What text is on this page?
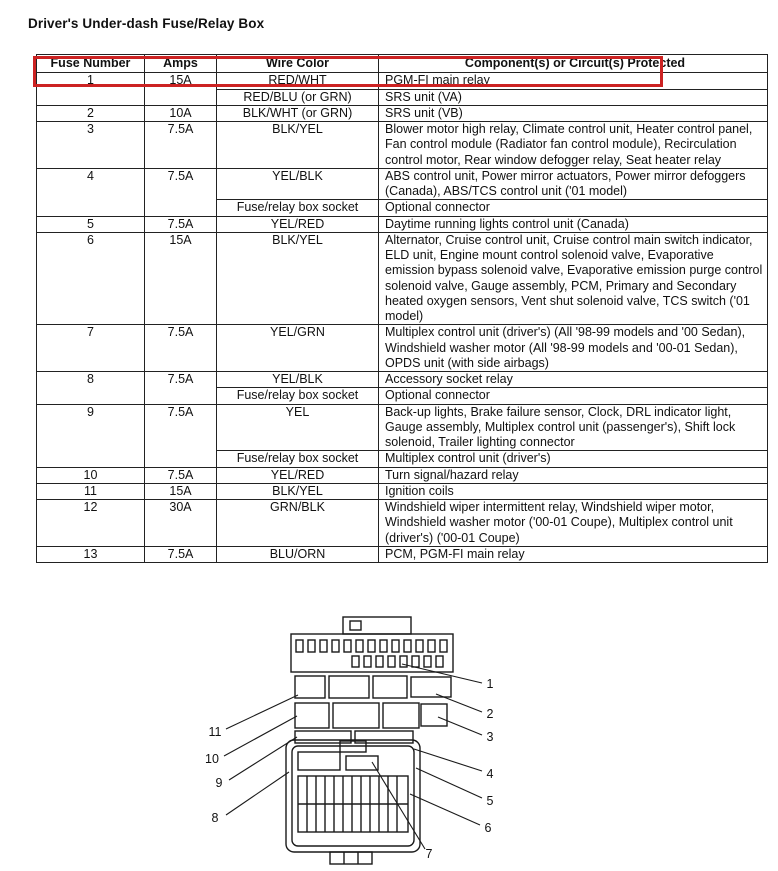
Driver's Under-dash Fuse/Relay Box
Fuse Number	Amps	Wire Color	Component(s) or Circuit(s) Protected
1	15A	RED/WHT	PGM-FI main relay
		RED/BLU (or GRN)	SRS unit (VA)
2	10A	BLK/WHT (or GRN)	SRS unit (VB)
3	7.5A	BLK/YEL	Blower motor high relay, Climate control unit, Heater control panel, Fan control module (Radiator fan control module), Recirculation control motor, Rear window defogger relay, Seat heater relay
4	7.5A	YEL/BLK	ABS control unit, Power mirror actuators, Power mirror defoggers (Canada), ABS/TCS control unit ('01 model)
		Fuse/relay box socket	Optional connector
5	7.5A	YEL/RED	Daytime running lights control unit (Canada)
6	15A	BLK/YEL	Alternator, Cruise control unit, Cruise control main switch indicator, ELD unit, Engine mount control solenoid valve, Evaporative emission bypass solenoid valve, Evaporative emission purge control solenoid valve, Gauge assembly, PCM, Primary and Secondary heated oxygen sensors, Vent shut solenoid valve, TCS switch ('01 model)
7	7.5A	YEL/GRN	Multiplex control unit (driver's) (All '98-99 models and '00 Sedan), Windshield washer motor (All '98-99 models and '00-01 Sedan), OPDS unit (with side airbags)
8	7.5A	YEL/BLK	Accessory socket relay
		Fuse/relay box socket	Optional connector
9	7.5A	YEL	Back-up lights, Brake failure sensor, Clock, DRL indicator light, Gauge assembly, Multiplex control unit (passenger's), Shift lock solenoid, Trailer lighting connector
		Fuse/relay box socket	Multiplex control unit (driver's)
10	7.5A	YEL/RED	Turn signal/hazard relay
11	15A	BLK/YEL	Ignition coils
12	30A	GRN/BLK	Windshield wiper intermittent relay, Windshield wiper motor, Windshield washer motor ('00-01 Coupe), Multiplex control unit (driver's) ('00-01 Coupe)
13	7.5A	BLU/ORN	PCM, PGM-FI main relay
1
2
3
4
5
6
7
8
9
10
11
